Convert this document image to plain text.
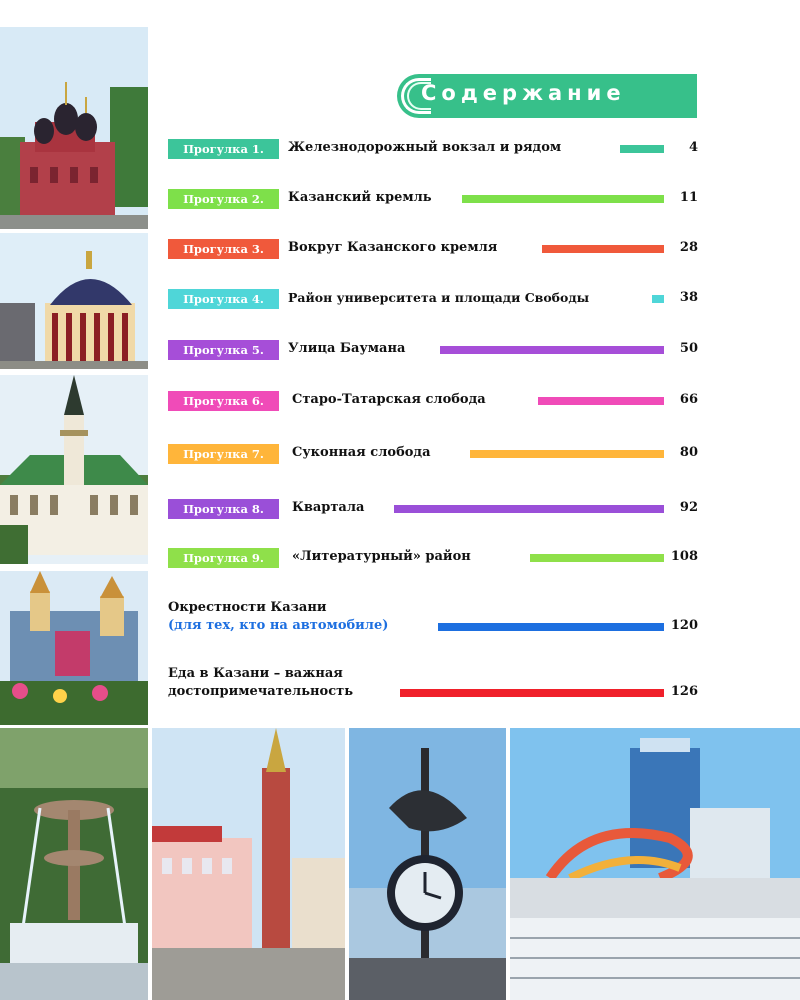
Содержание
Прогулка 1.	Железнодорожный вокзал и рядом	4
Прогулка 2.	Казанский кремль	11
Прогулка 3.	Вокруг Казанского кремля	28
Прогулка 4.	Район университета и площади Свободы	38
Прогулка 5.	Улица Баумана	50
Прогулка 6.	Старо-Татарская слобода	66
Прогулка 7.	Суконная слобода	80
Прогулка 8.	Квартала	92
Прогулка 9.	«Литературный» район	108
Окрестности Казани
(для тех, кто на автомобиле)	120
Еда в Казани – важная
достопримечательность	126
